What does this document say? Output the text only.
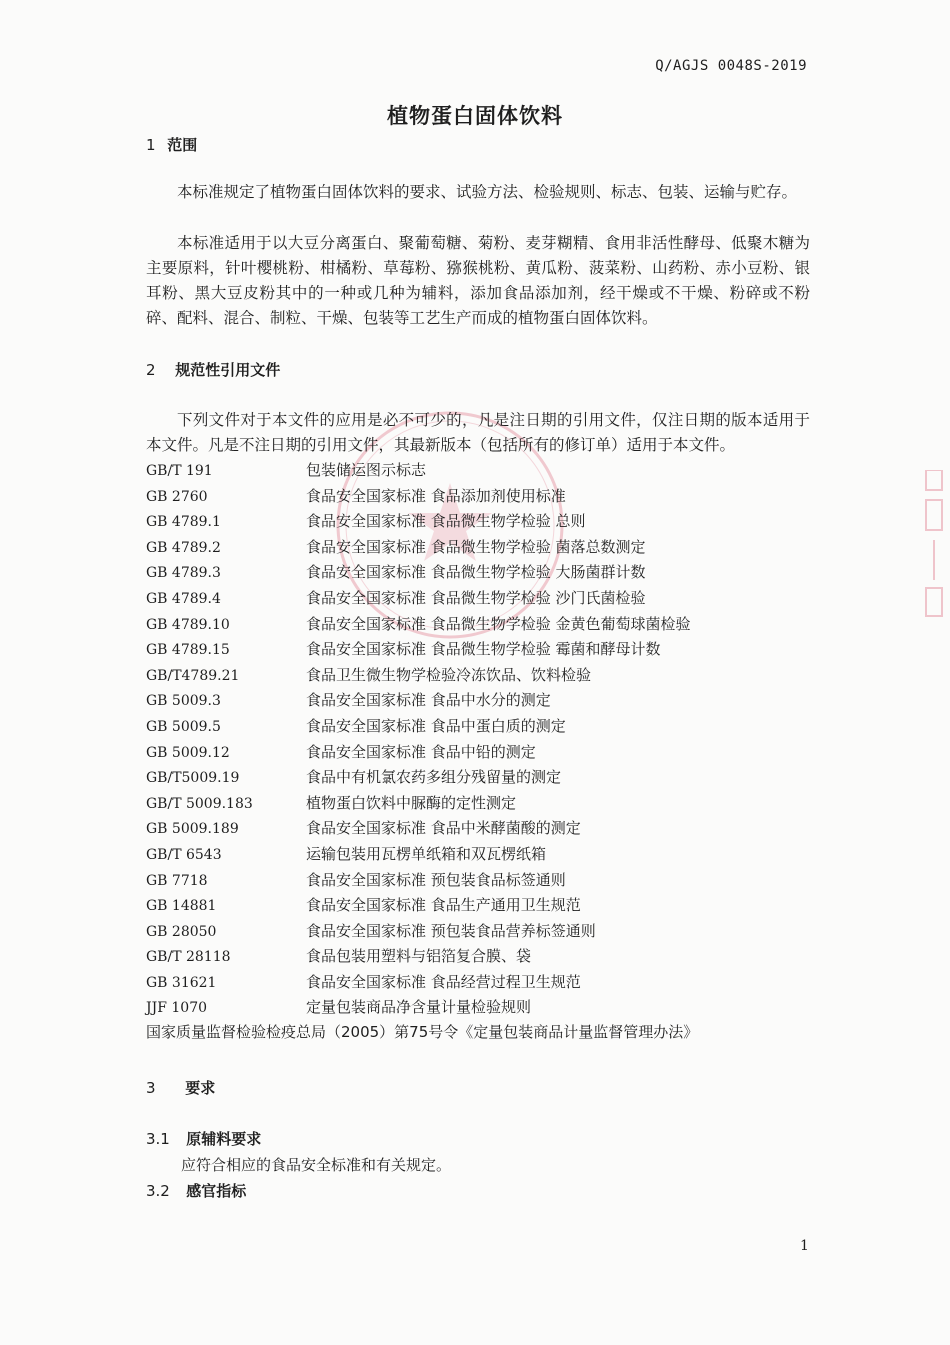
Q/AGJS 0048S-2019
植物蛋白固体饮料
1 范围
本标准规定了植物蛋白固体饮料的要求、试验方法、检验规则、标志、包装、运输与贮存。
本标准适用于以大豆分离蛋白、聚葡萄糖、菊粉、麦芽糊精、食用非活性酵母、低聚木糖为主要原料，针叶樱桃粉、柑橘粉、草莓粉、猕猴桃粉、黄瓜粉、菠菜粉、山药粉、赤小豆粉、银耳粉、黑大豆皮粉其中的一种或几种为辅料，添加食品添加剂，经干燥或不干燥、粉碎或不粉碎、配料、混合、制粒、干燥、包装等工艺生产而成的植物蛋白固体饮料。
2 规范性引用文件
下列文件对于本文件的应用是必不可少的，凡是注日期的引用文件，仅注日期的版本适用于本文件。凡是不注日期的引用文件，其最新版本（包括所有的修订单）适用于本文件。
GB/T 191	包装储运图示标志
GB 2760	食品安全国家标准 食品添加剂使用标准
GB 4789.1	食品安全国家标准 食品微生物学检验 总则
GB 4789.2	食品安全国家标准 食品微生物学检验 菌落总数测定
GB 4789.3	食品安全国家标准 食品微生物学检验 大肠菌群计数
GB 4789.4	食品安全国家标准 食品微生物学检验 沙门氏菌检验
GB 4789.10	食品安全国家标准 食品微生物学检验 金黄色葡萄球菌检验
GB 4789.15	食品安全国家标准 食品微生物学检验 霉菌和酵母计数
GB/T4789.21	食品卫生微生物学检验冷冻饮品、饮料检验
GB 5009.3	食品安全国家标准 食品中水分的测定
GB 5009.5	食品安全国家标准 食品中蛋白质的测定
GB 5009.12	食品安全国家标准 食品中铅的测定
GB/T5009.19	食品中有机氯农药多组分残留量的测定
GB/T 5009.183	植物蛋白饮料中脲酶的定性测定
GB 5009.189	食品安全国家标准 食品中米酵菌酸的测定
GB/T 6543	运输包装用瓦楞单纸箱和双瓦楞纸箱
GB 7718	食品安全国家标准 预包装食品标签通则
GB 14881	食品安全国家标准 食品生产通用卫生规范
GB 28050	食品安全国家标准 预包装食品营养标签通则
GB/T 28118	食品包装用塑料与铝箔复合膜、袋
GB 31621	食品安全国家标准 食品经营过程卫生规范
JJF 1070	定量包装商品净含量计量检验规则
国家质量监督检验检疫总局（2005）第75号令《定量包装商品计量监督管理办法》
3 要求
3.1 原辅料要求
应符合相应的食品安全标准和有关规定。
3.2 感官指标
1
